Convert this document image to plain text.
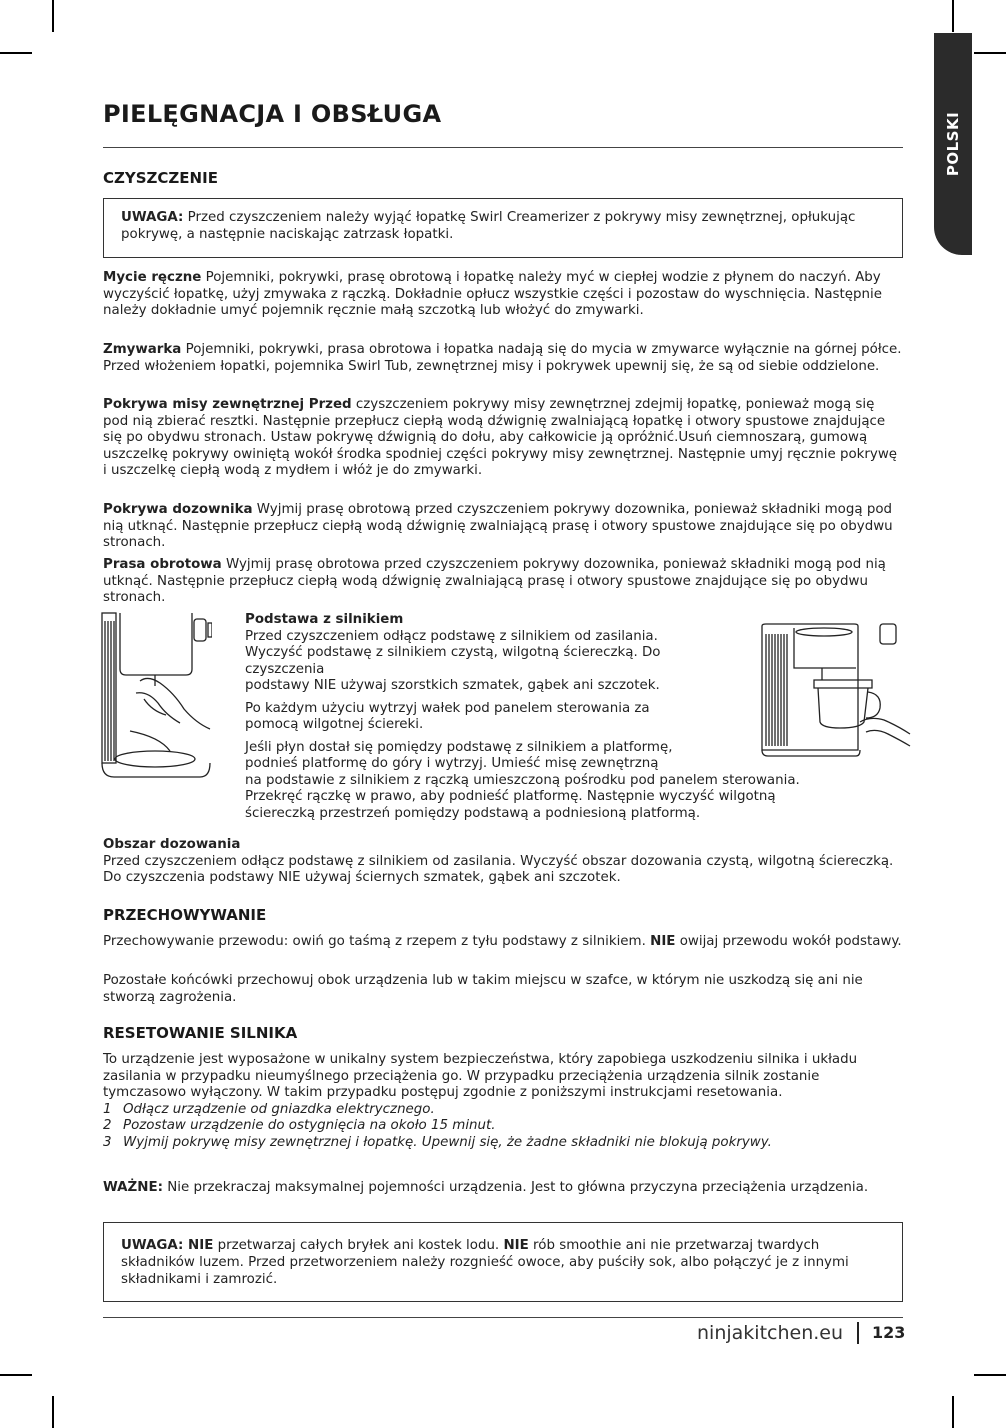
POLSKI
PIELĘGNACJA I OBSŁUGA
CZYSZCZENIE
UWAGA: Przed czyszczeniem należy wyjąć łopatkę Swirl Creamerizer z pokrywy misy zewnętrznej, opłukując pokrywę, a następnie naciskając zatrzask łopatki.
Mycie ręczne Pojemniki, pokrywki, prasę obrotową i łopatkę należy myć w ciepłej wodzie z płynem do naczyń. Aby wyczyścić łopatkę, użyj zmywaka z rączką. Dokładnie opłucz wszystkie części i pozostaw do wyschnięcia. Następnie należy dokładnie umyć pojemnik ręcznie małą szczotką lub włożyć do zmywarki.
Zmywarka Pojemniki, pokrywki, prasa obrotowa i łopatka nadają się do mycia w zmywarce wyłącznie na górnej półce. Przed włożeniem łopatki, pojemnika Swirl Tub, zewnętrznej misy i pokrywek upewnij się, że są od siebie oddzielone.
Pokrywa misy zewnętrznej Przed czyszczeniem pokrywy misy zewnętrznej zdejmij łopatkę, ponieważ mogą się pod nią zbierać resztki. Następnie przepłucz ciepłą wodą dźwignię zwalniającą łopatkę i otwory spustowe znajdujące się po obydwu stronach. Ustaw pokrywę dźwignią do dołu, aby całkowicie ją opróżnić.Usuń ciemnoszarą, gumową uszczelkę pokrywy owiniętą wokół środka spodniej części pokrywy misy zewnętrznej. Następnie umyj ręcznie pokrywę i uszczelkę ciepłą wodą z mydłem i włóż je do zmywarki.
Pokrywa dozownika Wyjmij prasę obrotową przed czyszczeniem pokrywy dozownika, ponieważ składniki mogą pod nią utknąć. Następnie przepłucz ciepłą wodą dźwignię zwalniającą prasę i otwory spustowe znajdujące się po obydwu stronach.
Prasa obrotowa Wyjmij prasę obrotowa przed czyszczeniem pokrywy dozownika, ponieważ składniki mogą pod nią utknąć. Następnie przepłucz ciepłą wodą dźwignię zwalniającą prasę i otwory spustowe znajdujące się po obydwu stronach.
Podstawa z silnikiem

Przed czyszczeniem odłącz podstawę z silnikiem od zasilania.
Wyczyść podstawę z silnikiem czystą, wilgotną ściereczką. Do
czyszczenia
podstawy NIE używaj szorstkich szmatek, gąbek ani szczotek.

Po każdym użyciu wytrzyj wałek pod panelem sterowania za
pomocą wilgotnej ściereki.

Jeśli płyn dostał się pomiędzy podstawę z silnikiem a platformę,
podnieś platformę do góry i wytrzyj. Umieść misę zewnętrzną
na podstawie z silnikiem z rączką umieszczoną pośrodku pod panelem sterowania.
Przekręć rączkę w prawo, aby podnieść platformę. Następnie wyczyść wilgotną
ściereczką przestrzeń pomiędzy podstawą a podniesioną platformą.

Obszar dozowania
Przed czyszczeniem odłącz podstawę z silnikiem od zasilania. Wyczyść obszar dozowania czystą, wilgotną ściereczką. Do czyszczenia podstawy NIE używaj ściernych szmatek, gąbek ani szczotek.
PRZECHOWYWANIE
Przechowywanie przewodu: owiń go taśmą z rzepem z tyłu podstawy z silnikiem. NIE owijaj przewodu wokół podstawy.
Pozostałe końcówki przechowuj obok urządzenia lub w takim miejscu w szafce, w którym nie uszkodzą się ani nie stworzą zagrożenia.
RESETOWANIE SILNIKA
To urządzenie jest wyposażone w unikalny system bezpieczeństwa, który zapobiega uszkodzeniu silnika i układu zasilania w przypadku nieumyślnego przeciążenia go. W przypadku przeciążenia urządzenia silnik zostanie tymczasowo wyłączony. W takim przypadku postępuj zgodnie z poniższymi instrukcjami resetowania.
1 Odłącz urządzenie od gniazdka elektrycznego.
2 Pozostaw urządzenie do ostygnięcia na około 15 minut.
3 Wyjmij pokrywę misy zewnętrznej i łopatkę. Upewnij się, że żadne składniki nie blokują pokrywy.
WAŻNE: Nie przekraczaj maksymalnej pojemności urządzenia. Jest to główna przyczyna przeciążenia urządzenia.
UWAGA: NIE przetwarzaj całych bryłek ani kostek lodu. NIE rób smoothie ani nie przetwarzaj twardych składników luzem. Przed przetworzeniem należy rozgnieść owoce, aby puściły sok, albo połączyć je z innymi składnikami i zamrozić.
ninjakitchen.eu 123
